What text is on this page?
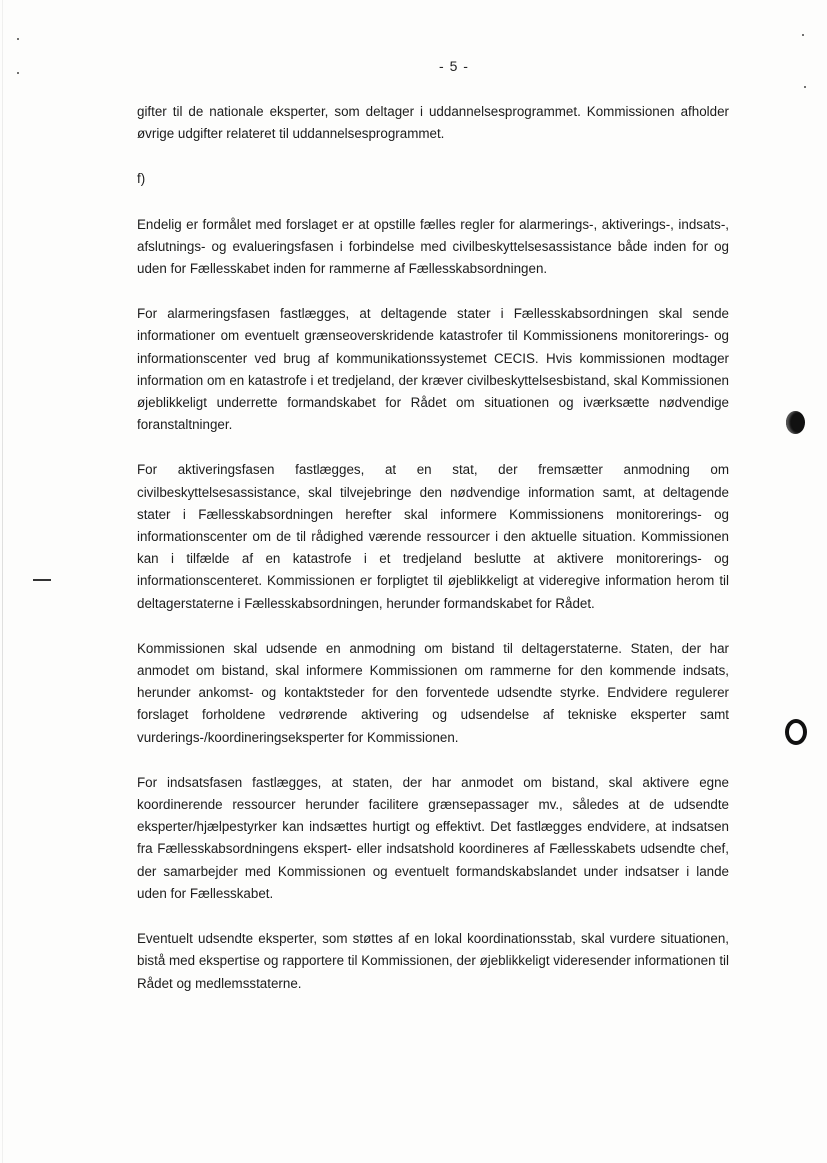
- 5 -

gifter til de nationale eksperter, som deltager i uddannelsesprogrammet. Kommissionen afholder øvrige udgifter relateret til uddannelsesprogrammet.

f)

Endelig er formålet med forslaget er at opstille fælles regler for alarmerings-, aktiverings-, indsats-, afslutnings- og evalueringsfasen i forbindelse med civilbeskyttelsesassistance både inden for og uden for Fællesskabet inden for rammerne af Fællesskabsordningen.

For alarmeringsfasen fastlægges, at deltagende stater i Fællesskabsordningen skal sende informationer om eventuelt grænseoverskridende katastrofer til Kommissionens monitorerings- og informationscenter ved brug af kommunikationssystemet CECIS. Hvis kommissionen modtager information om en katastrofe i et tredjeland, der kræver civilbeskyttelsesbistand, skal Kommissionen øjeblikkeligt underrette formandskabet for Rådet om situationen og iværksætte nødvendige foranstaltninger.

For aktiveringsfasen fastlægges, at en stat, der fremsætter anmodning om civilbeskyttelsesassistance, skal tilvejebringe den nødvendige information samt, at deltagende stater i Fællesskabsordningen herefter skal informere Kommissionens monitorerings- og informationscenter om de til rådighed værende ressourcer i den aktuelle situation. Kommissionen kan i tilfælde af en katastrofe i et tredjeland beslutte at aktivere monitorerings- og informationscenteret. Kommissionen er forpligtet til øjeblikkeligt at videregive information herom til deltagerstaterne i Fællesskabsordningen, herunder formandskabet for Rådet.

Kommissionen skal udsende en anmodning om bistand til deltagerstaterne. Staten, der har anmodet om bistand, skal informere Kommissionen om rammerne for den kommende indsats, herunder ankomst- og kontaktsteder for den forventede udsendte styrke. Endvidere regulerer forslaget forholdene vedrørende aktivering og udsendelse af tekniske eksperter samt vurderings-/koordineringseksperter for Kommissionen.

For indsatsfasen fastlægges, at staten, der har anmodet om bistand, skal aktivere egne koordinerende ressourcer herunder facilitere grænsepassager mv., således at de udsendte eksperter/hjælpestyrker kan indsættes hurtigt og effektivt. Det fastlægges endvidere, at indsatsen fra Fællesskabsordningens ekspert- eller indsatshold koordineres af Fællesskabets udsendte chef, der samarbejder med Kommissionen og eventuelt formandskabslandet under indsatser i lande uden for Fællesskabet.

Eventuelt udsendte eksperter, som støttes af en lokal koordinationsstab, skal vurdere situationen, bistå med ekspertise og rapportere til Kommissionen, der øjeblikkeligt videresender informationen til Rådet og medlemsstaterne.
